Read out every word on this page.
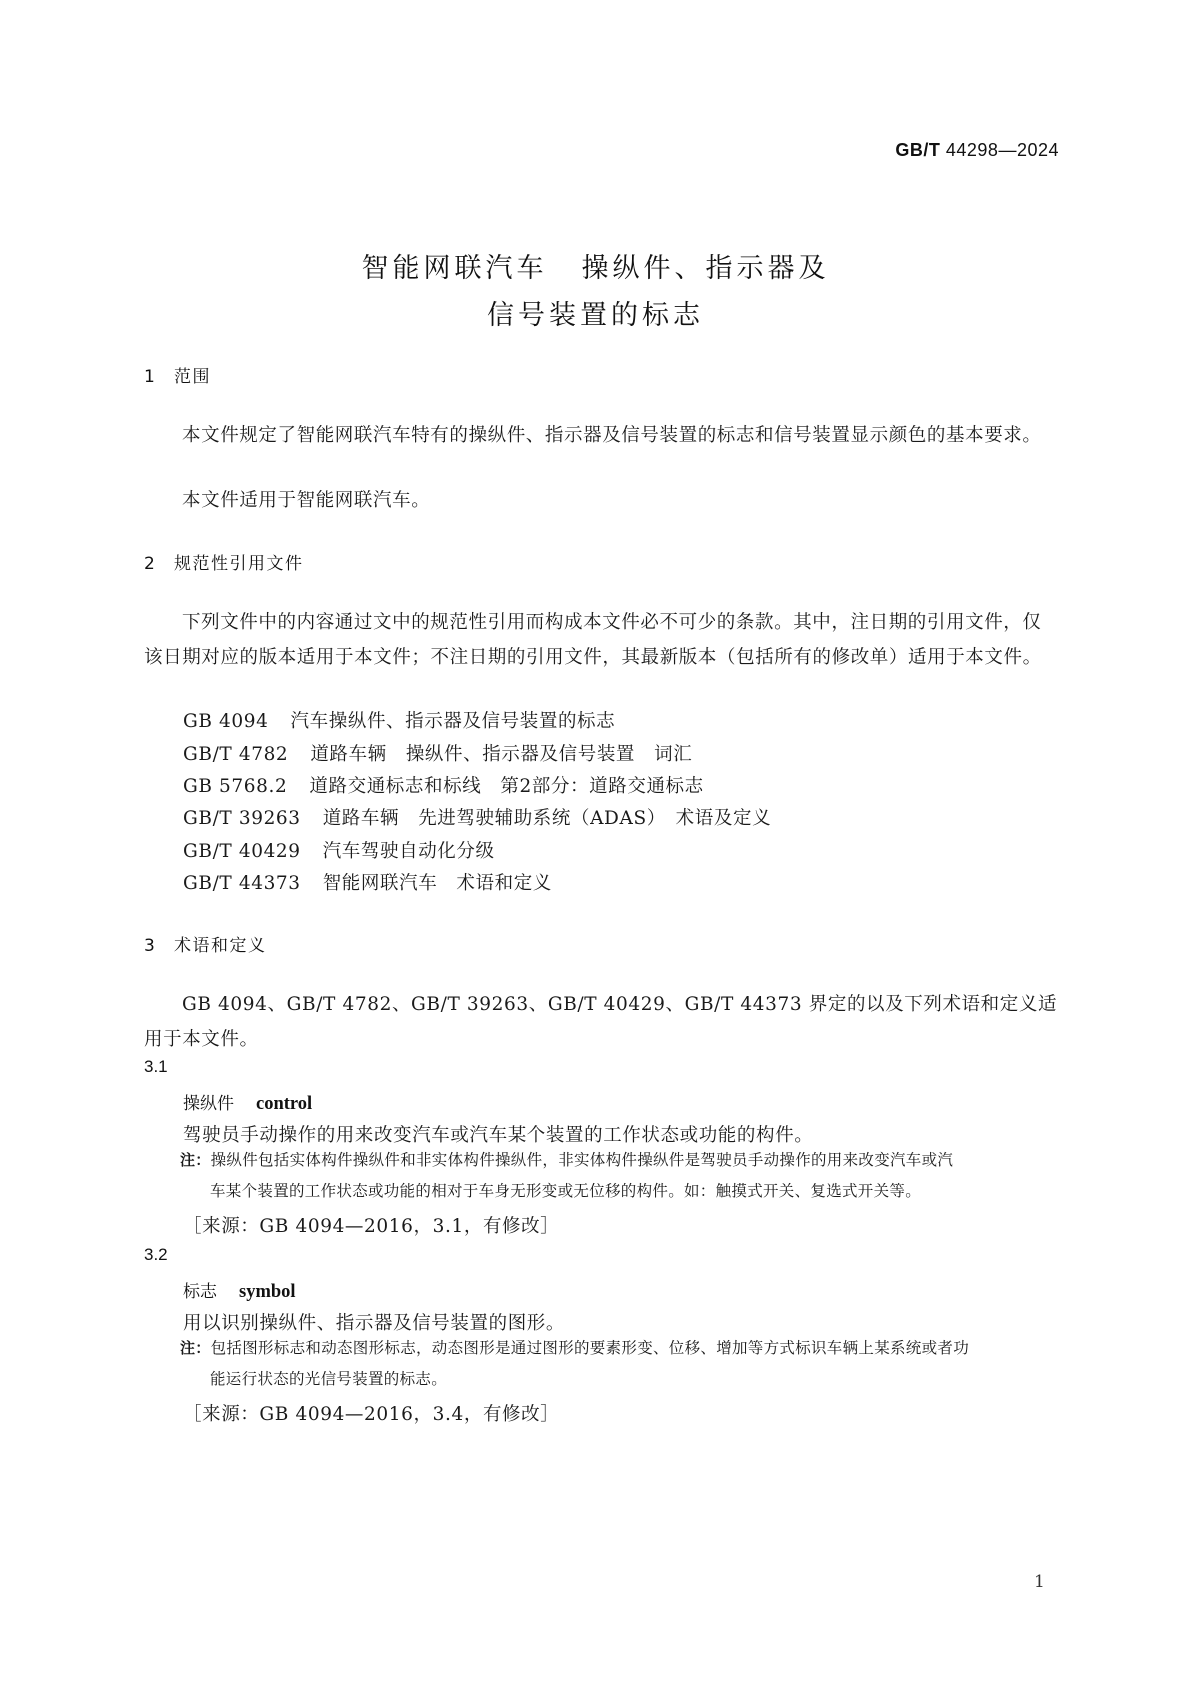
GB/T 44298—2024
智能网联汽车 操纵件、指示器及
信号装置的标志
1 范围
本文件规定了智能网联汽车特有的操纵件、指示器及信号装置的标志和信号装置显示颜色的基本要求。
本文件适用于智能网联汽车。
2 规范性引用文件
下列文件中的内容通过文中的规范性引用而构成本文件必不可少的条款。其中，注日期的引用文件，仅该日期对应的版本适用于本文件；不注日期的引用文件，其最新版本（包括所有的修改单）适用于本文件。
GB 4094 汽车操纵件、指示器及信号装置的标志
GB/T 4782 道路车辆　操纵件、指示器及信号装置　词汇
GB 5768.2 道路交通标志和标线　第2部分：道路交通标志
GB/T 39263 道路车辆　先进驾驶辅助系统（ADAS）　术语及定义
GB/T 40429 汽车驾驶自动化分级
GB/T 44373 智能网联汽车　术语和定义
3 术语和定义
GB 4094、GB/T 4782、GB/T 39263、GB/T 40429、GB/T 44373 界定的以及下列术语和定义适用于本文件。
3.1
操纵件 control
驾驶员手动操作的用来改变汽车或汽车某个装置的工作状态或功能的构件。
注：操纵件包括实体构件操纵件和非实体构件操纵件，非实体构件操纵件是驾驶员手动操作的用来改变汽车或汽
车某个装置的工作状态或功能的相对于车身无形变或无位移的构件。如：触摸式开关、复选式开关等。
［来源：GB 4094—2016，3.1，有修改］
3.2
标志 symbol
用以识别操纵件、指示器及信号装置的图形。
注：包括图形标志和动态图形标志，动态图形是通过图形的要素形变、位移、增加等方式标识车辆上某系统或者功
能运行状态的光信号装置的标志。
［来源：GB 4094—2016，3.4，有修改］
1
